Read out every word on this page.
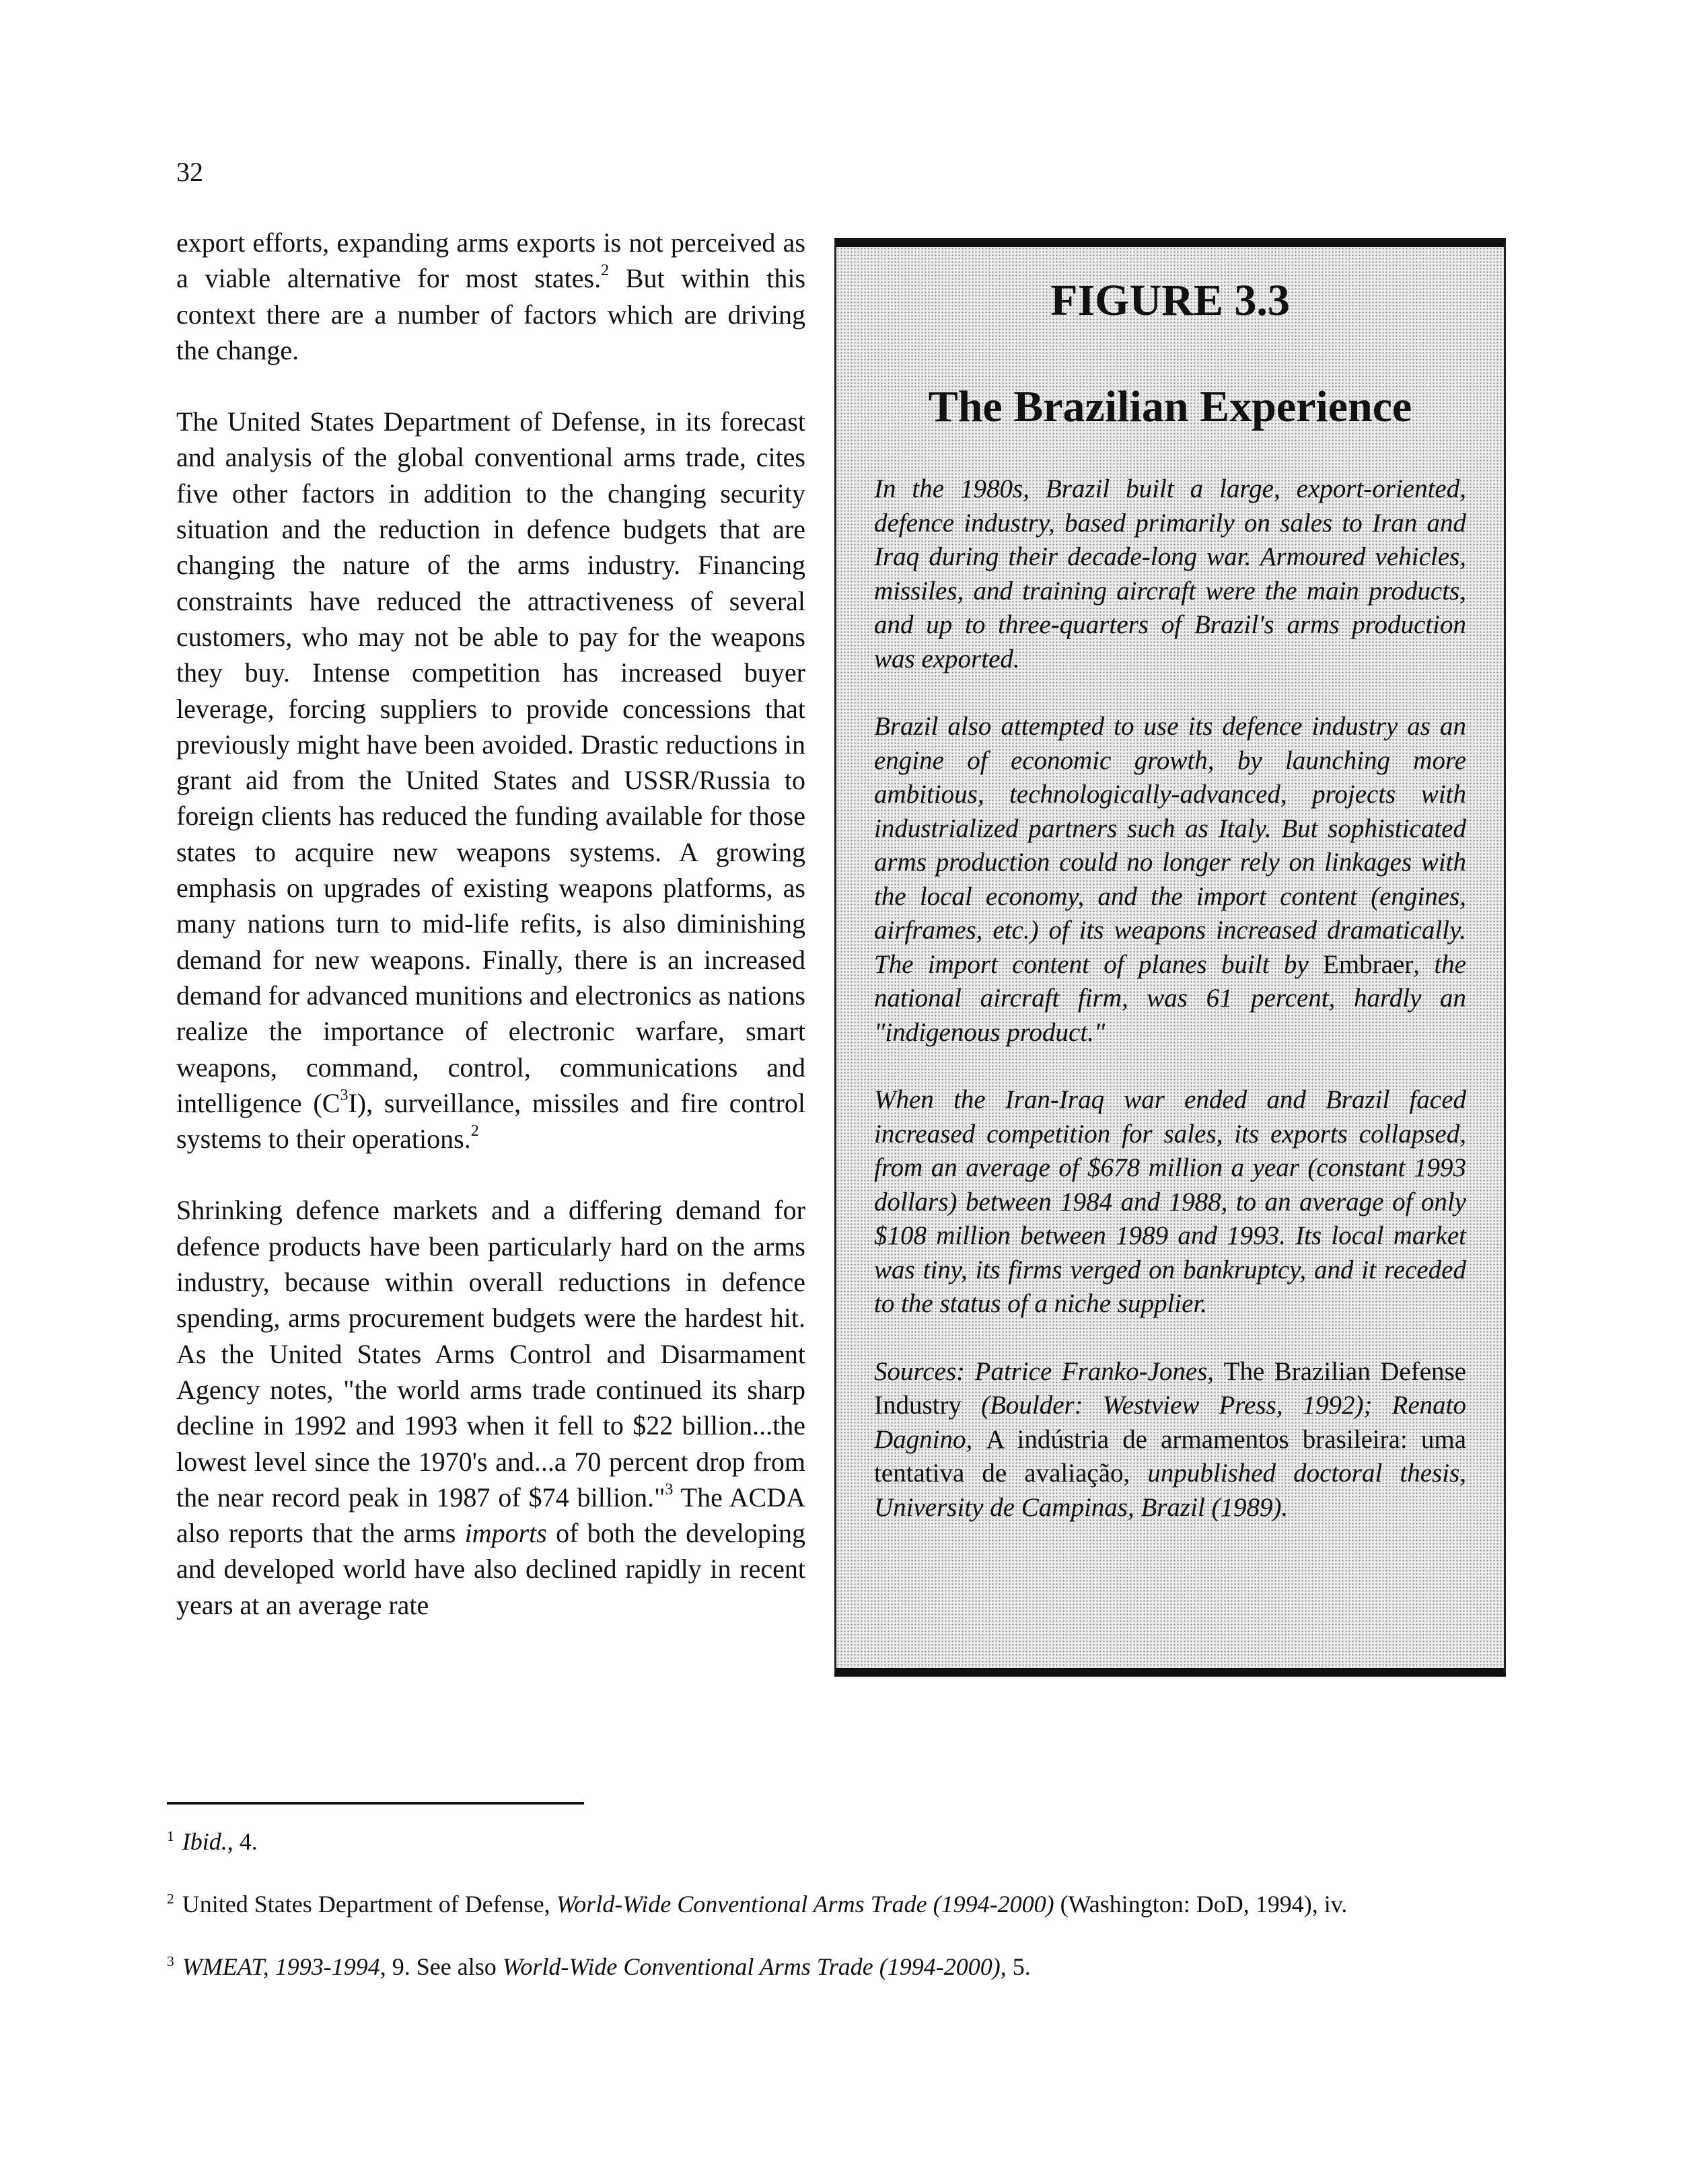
32

export efforts, expanding arms exports is not perceived as a viable alternative for most states.$^2$ But within this context there are a number of factors which are driving the change.

The United States Department of Defense, in its forecast and analysis of the global conventional arms trade, cites five other factors in addition to the changing security situation and the reduction in defence budgets that are changing the nature of the arms industry. Financing constraints have reduced the attractiveness of several customers, who may not be able to pay for the weapons they buy. Intense competition has increased buyer leverage, forcing suppliers to provide concessions that previously might have been avoided. Drastic reductions in grant aid from the United States and USSR/Russia to foreign clients has reduced the funding available for those states to acquire new weapons systems. A growing emphasis on upgrades of existing weapons platforms, as many nations turn to mid-life refits, is also diminishing demand for new weapons. Finally, there is an increased demand for advanced munitions and electronics as nations realize the importance of electronic warfare, smart weapons, command, control, communications and intelligence $(C^3I)$, surveillance, missiles and fire control systems to their operations.$^2$

Shrinking defence markets and a differing demand for defence products have been particularly hard on the arms industry, because within overall reductions in defence spending, arms procurement budgets were the hardest hit. As the United States Arms Control and Disarmament Agency notes, "the world arms trade continued its sharp decline in 1992 and 1993 when it fell to $22 billion...the lowest level since the 1970's and...a 70 percent drop from the near record peak in 1987 of $74 billion."$^3$ The ACDA also reports that the arms imports of both the developing and developed world have also declined rapidly in recent years at an average rate

FIGURE 3.3
The Brazilian Experience

In the 1980s, Brazil built a large, export-oriented, defence industry, based primarily on sales to Iran and Iraq during their decade-long war. Armoured vehicles, missiles, and training aircraft were the main products, and up to three-quarters of Brazil's arms production was exported.

Brazil also attempted to use its defence industry as an engine of economic growth, by launching more ambitious, technologically-advanced, projects with industrialized partners such as Italy. But sophisticated arms production could no longer rely on linkages with the local economy, and the import content (engines, airframes, etc.) of its weapons increased dramatically. The import content of planes built by Embraer, the national aircraft firm, was 61 percent, hardly an "indigenous product."

When the Iran-Iraq war ended and Brazil faced increased competition for sales, its exports collapsed, from an average of $678 million a year (constant 1993 dollars) between 1984 and 1988, to an average of only $108 million between 1989 and 1993. Its local market was tiny, its firms verged on bankruptcy, and it receded to the status of a niche supplier.

Sources: Patrice Franko-Jones, The Brazilian Defense Industry (Boulder: Westview Press, 1992); Renato Dagnino, A indústria de armamentos brasileira: uma tentativa de avaliação, unpublished doctoral thesis, University de Campinas, Brazil (1989).

$^1$ Ibid., 4.

$^2$ United States Department of Defense, World-Wide Conventional Arms Trade (1994-2000) (Washington: DoD, 1994), iv.

$^3$ WMEAT, 1993-1994, 9. See also World-Wide Conventional Arms Trade (1994-2000), 5.
